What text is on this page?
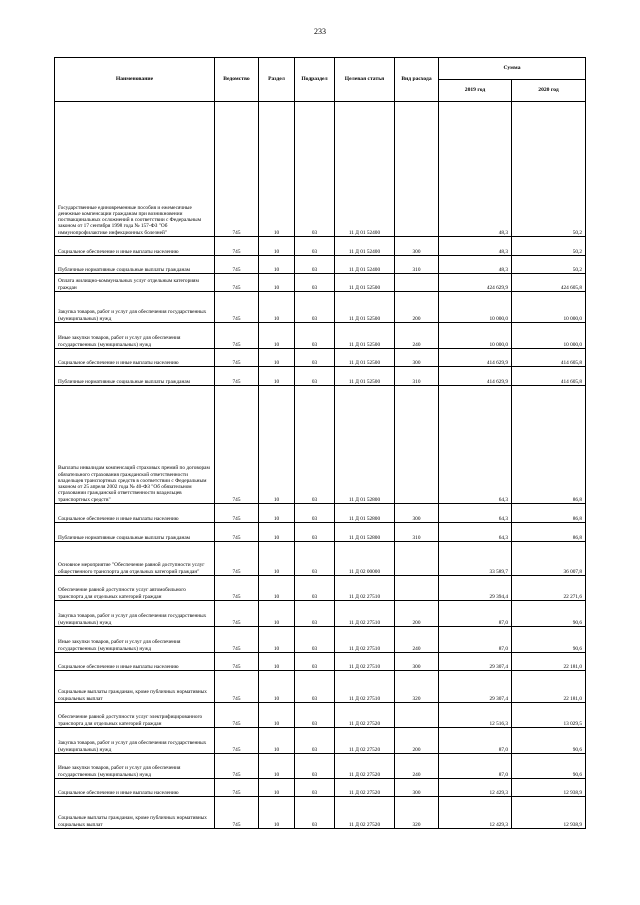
233
Наименование	Ведомство	Раздел	Подраздел	Целевая статья	Вид расхода	Сумма	
						2019 год	2020 год
Государственные единовременные пособия и ежемесячные денежные компенсации гражданам при возникновении поствакцинальных осложнений в соответствии с Федеральным законом от 17 сентября 1998 года № 157-ФЗ "Об иммунопрофилактике инфекционных болезней"	745	10	03	11 Д 01 52400		48,3	50,2
Социальное обеспечение и иные выплаты населению	745	10	03	11 Д 01 52400	300	48,3	50,2
Публичные нормативные социальные выплаты гражданам	745	10	03	11 Д 01 52400	310	48,3	50,2
Оплата жилищно-коммунальных услуг отдельным категориям граждан	745	10	03	11 Д 01 52500		424 629,9	424 605,8
Закупка товаров, работ и услуг для обеспечения государственных (муниципальных) нужд	745	10	03	11 Д 01 52500	200	10 000,0	10 000,0
Иные закупки товаров, работ и услуг для обеспечения государственных (муниципальных) нужд	745	10	03	11 Д 01 52500	240	10 000,0	10 000,0
Социальное обеспечение и иные выплаты населению	745	10	03	11 Д 01 52500	300	414 629,9	414 605,8
Публичные нормативные социальные выплаты гражданам	745	10	03	11 Д 01 52500	310	414 629,9	414 605,8
Выплаты инвалидам компенсаций страховых премий по договорам обязательного страхования гражданской ответственности владельцев транспортных средств в соответствии с Федеральным законом от 25 апреля 2002 года № 40-ФЗ "Об обязательном страховании гражданской ответственности владельцев транспортных средств"	745	10	03	11 Д 01 52800		64,3	86,8
Социальное обеспечение и иные выплаты населению	745	10	03	11 Д 01 52800	300	64,3	86,8
Публичные нормативные социальные выплаты гражданам	745	10	03	11 Д 01 52800	310	64,3	86,8
Основное мероприятие "Обеспечение равной доступности услуг общественного транспорта для отдельных категорий граждан"	745	10	03	11 Д 02 00000		33 589,7	36 007,8
Обеспечение равной доступности услуг автомобильного транспорта для отдельных категорий граждан	745	10	03	11 Д 02 27510		29 394,4	22 271,6
Закупка товаров, работ и услуг для обеспечения государственных (муниципальных) нужд	745	10	03	11 Д 02 27510	200	87,0	90,6
Иные закупки товаров, работ и услуг для обеспечения государственных (муниципальных) нужд	745	10	03	11 Д 02 27510	240	87,0	90,6
Социальное обеспечение и иные выплаты населению	745	10	03	11 Д 02 27510	300	29 307,4	22 181,0
Социальные выплаты гражданам, кроме публичных нормативных социальных выплат	745	10	03	11 Д 02 27510	320	29 307,4	22 181,0
Обеспечение равной доступности услуг электрифицированного транспорта для отдельных категорий граждан	745	10	03	11 Д 02 27520		12 516,3	13 029,5
Закупка товаров, работ и услуг для обеспечения государственных (муниципальных) нужд	745	10	03	11 Д 02 27520	200	87,0	90,6
Иные закупки товаров, работ и услуг для обеспечения государственных (муниципальных) нужд	745	10	03	11 Д 02 27520	240	87,0	90,6
Социальное обеспечение и иные выплаты населению	745	10	03	11 Д 02 27520	300	12 429,3	12 938,9
Социальные выплаты гражданам, кроме публичных нормативных социальных выплат	745	10	03	11 Д 02 27520	320	12 429,3	12 938,9
